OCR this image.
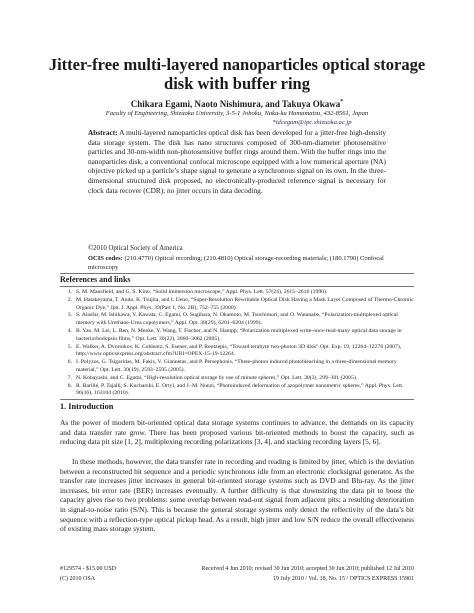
Jitter-free multi-layered nanoparticles optical storage disk with buffer ring
Chikara Egami, Naoto Nishimura, and Takuya Okawa*
Faculty of Engineering, Shizuoka University, 3-5-1 Johoku, Naka-ku Hamamatsu, 432-8561, Japan
*idcegam@ipc.shizuoka.ac.jp
Abstract: A multi-layered nanoparticles optical disk has been developed for a jitter-free high-density data storage system. The disk has nano structures composed of 300-nm-diameter photosensitive particles and 30-nm-width non-photosensitive buffer rings around them. With the buffer rings into the nanoparticles disk, a conventional confocal microscope equipped with a low numerical aperture (NA) objective picked up a particle’s shape signal to generate a synchronous signal on its own. In the three-dimensional structured disk proposed, no electronically-produced reference signal is necessary for clock data recover (CDR); no jitter occurs in data decoding.
©2010 Optical Society of America
OCIS codes: (210.4770) Optical recording; (210.4810) Optical storage-recording materials; (180.1790) Confocal microscopy
References and links
1. S. M. Mansfield, and G. S. Kino, “Solid immersion microscope,” Appl. Phys. Lett. 57(24), 2615–2616 (1990).
2. M. Hatakeyama, T. Ando, K. Tsujita, and I. Ueno, “Super-Resolution Rewritable Optical Disk Having a Mask Layer Composed of Thermo-Chromic Organic Dye,” Jpn. J. Appl. Phys. 39(Part 1, No. 2B), 752–755 (2000).
3. S. Alasfar, M. Ishikawa, Y. Kawata, C. Egami, O. Sugihara, N. Okamoto, M. Tsuchimori, and O. Watanabe, “Polarization-multiplexed optical memory with Urethane-Urea copolymers,” Appl. Opt. 38(29), 6201–6204 (1999).
4. B. Yao, M. Lei, L. Ren, N. Menke, Y. Wang, T. Fischer, and N. Hampp, “Polarization multiplexed write-once-read-many optical data storage in bacteriorhodopsin films,” Opt. Lett. 30(22), 3060–3062 (2005).
5. E. Walker, A. Dvornikov, K. Coblentz, S. Esener, and P. Rentzepis, “Toward terabyte two-photon 3D disk” Opt. Exp. 19, 12264–12276 (2007), http://www.opticsexpress.org/abstract.cfm?URI=OPEX-15-19-12264.
6. I. Polyzos, G. Tsigaridas, M. Fakis, V. Giannetas, and P. Persephonis, “Three-photon induced photobleaching in a three-dimensional memory material,” Opt. Lett. 30(19), 2593–2595 (2005).
7. N. Kobayashi, and C. Egami, “High-resolution optical storage by use of minute spheres,” Opt. Lett. 30(3), 299–301 (2005).
8. R. Barillé, P. Tajalli, S. Kucharski, E. Ortyl, and J.-M. Nunzi, “Photoinduced deformation of azopolymer nanometric spheres,” Appl. Phys. Lett. 96(16), 163104 (2010).
1. Introduction
As the power of modern bit-oriented optical data storage systems continues to advance, the demands on its capacity and data transfer rate grow. There has been proposed various bit-oriented methods to boost the capacity, such as reducing data pit size [1, 2], multiplexing recording polarizations [3, 4], and stacking recording layers [5, 6].
In these methods, however, the data transfer rate in recording and reading is limited by jitter, which is the deviation between a reconstructed bit sequence and a periodic synchronous idle from an electronic clocksignal generator. As the transfer rate increases jitter increases in general bit-oriented storage systems such as DVD and Blu-ray. As the jitter increases, bit error rate (BER) increases eventually. A further difficulty is that downsizing the data pit to boost the capacity gives rise to two problems: some overlap between read-out signal from adjacent pits; a resulting deterioration in signal-to-noise ratio (S/N). This is because the general storage systems only detect the reflectivity of the data’s bit sequence with a reflection-type optical pickup head. As a result, high jitter and low S/N reduce the overall effectiveness of existing mass storage system.
#129574 - $15.00 USD	Received 4 Jun 2010; revised 30 Jun 2010; accepted 30 Jun 2010; published 12 Jul 2010
(C) 2010 OSA	19 July 2010 / Vol. 18, No. 15 / OPTICS EXPRESS 15901
